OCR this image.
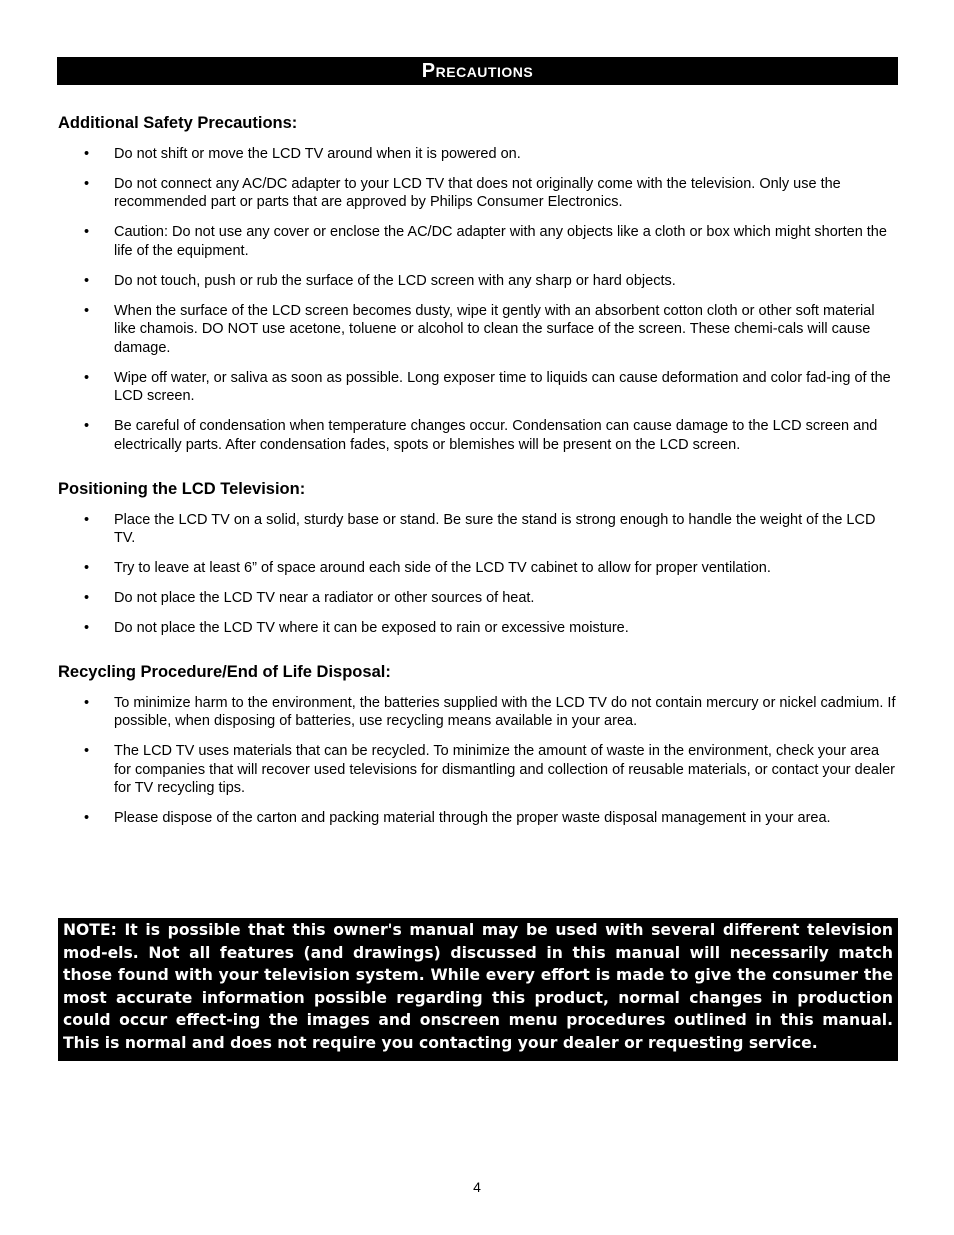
Precautions
Additional Safety Precautions:
• Do not shift or move the LCD TV around when it is powered on.
• Do not connect any AC/DC adapter to your LCD TV that does not originally come with the television. Only use the recommended part or parts that are approved by Philips Consumer Electronics.
• Caution: Do not use any cover or enclose the AC/DC adapter with any objects like a cloth or box which might shorten the life of the equipment.
• Do not touch, push or rub the surface of the LCD screen with any sharp or hard objects.
• When the surface of the LCD screen becomes dusty, wipe it gently with an absorbent cotton cloth or other soft material like chamois. DO NOT use acetone, toluene or alcohol to clean the surface of the screen. These chemi-cals will cause damage.
• Wipe off water, or saliva as soon as possible. Long exposer time to liquids can cause deformation and color fad-ing of the LCD screen.
• Be careful of condensation when temperature changes occur. Condensation can cause damage to the LCD screen and electrically parts. After condensation fades, spots or blemishes will be present on the LCD screen.
Positioning the LCD Television:
• Place the LCD TV on a solid, sturdy base or stand. Be sure the stand is strong enough to handle the weight of the LCD TV.
• Try to leave at least 6” of space around each side of the LCD TV cabinet to allow for proper ventilation.
• Do not place the LCD TV near a radiator or other sources of heat.
• Do not place the LCD TV where it can be exposed to rain or excessive moisture.
Recycling Procedure/End of Life Disposal:
• To minimize harm to the environment, the batteries supplied with the LCD TV do not contain mercury or nickel cadmium. If possible, when disposing of batteries, use recycling means available in your area.
• The LCD TV uses materials that can be recycled. To minimize the amount of waste in the environment, check your area for companies that will recover used televisions for dismantling and collection of reusable materials, or contact your dealer for TV recycling tips.
• Please dispose of the carton and packing material through the proper waste disposal management in your area.
NOTE: It is possible that this owner's manual may be used with several different television mod-els. Not all features (and drawings) discussed in this manual will necessarily match those found with your television system. While every effort is made to give the consumer the most accurate information possible regarding this product, normal changes in production could occur effect-ing the images and onscreen menu procedures outlined in this manual. This is normal and does not require you contacting your dealer or requesting service.
4
